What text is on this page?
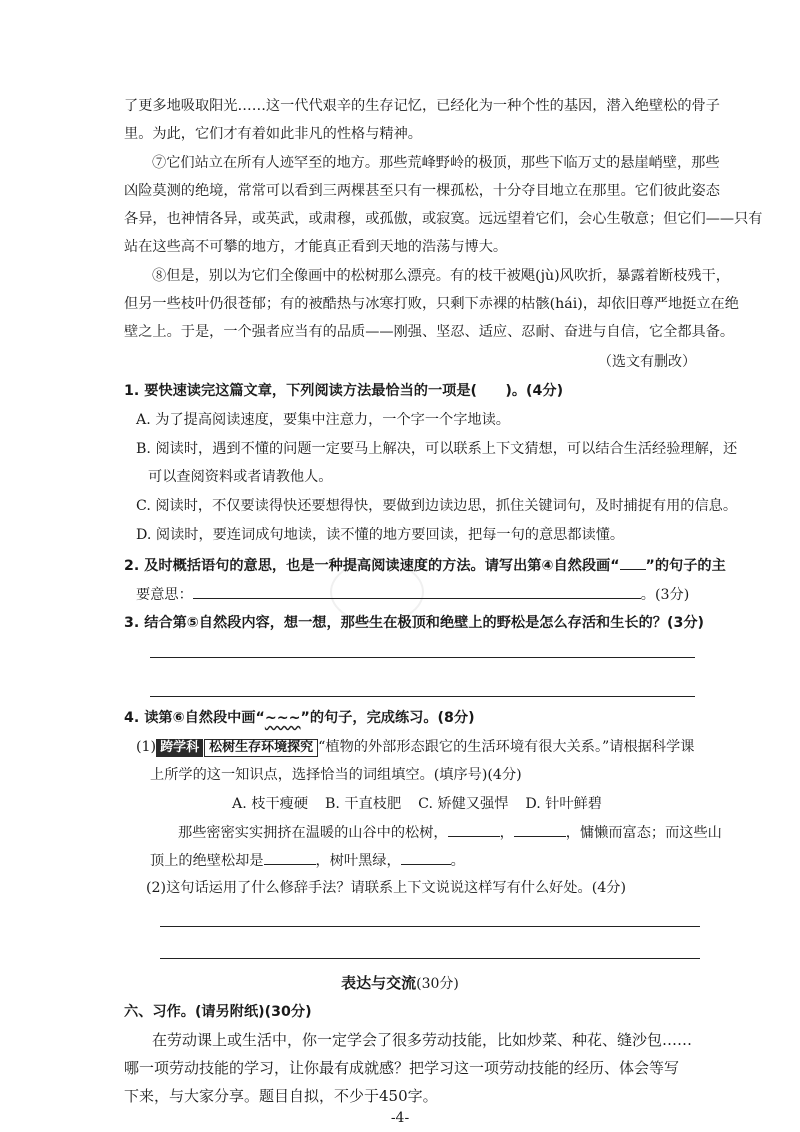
了更多地吸取阳光……这一代代艰辛的生存记忆，已经化为一种个性的基因，潜入绝壁松的骨子
里。为此，它们才有着如此非凡的性格与精神。
⑦它们站立在所有人迹罕至的地方。那些荒峰野岭的极顶，那些下临万丈的悬崖峭壁，那些
凶险莫测的绝境，常常可以看到三两棵甚至只有一棵孤松，十分夺目地立在那里。它们彼此姿态
各异，也神情各异，或英武，或肃穆，或孤傲，或寂寞。远远望着它们，会心生敬意；但它们——只有
站在这些高不可攀的地方，才能真正看到天地的浩荡与博大。
⑧但是，别以为它们全像画中的松树那么漂亮。有的枝干被飓(jù)风吹折，暴露着断枝残干，
但另一些枝叶仍很苍郁；有的被酷热与冰寒打败，只剩下赤裸的枯骸(hái)，却依旧尊严地挺立在绝
壁之上。于是，一个强者应当有的品质——刚强、坚忍、适应、忍耐、奋进与自信，它全都具备。
（选文有删改）
1. 要快速读完这篇文章，下列阅读方法最恰当的一项是(　　)。(4分)
A. 为了提高阅读速度，要集中注意力，一个字一个字地读。
B. 阅读时，遇到不懂的问题一定要马上解决，可以联系上下文猜想，可以结合生活经验理解，还
可以查阅资料或者请教他人。
C. 阅读时，不仅要读得快还要想得快，要做到边读边思，抓住关键词句，及时捕捉有用的信息。
D. 阅读时，要连词成句地读，读不懂的地方要回读，把每一句的意思都读懂。
2. 及时概括语句的意思，也是一种提高阅读速度的方法。请写出第④自然段画“ ”的句子的主
要意思：	。(3分)
3. 结合第⑤自然段内容，想一想，那些生在极顶和绝壁上的野松是怎么存活和生长的？(3分)
4. 读第⑥自然段中画“~~~”的句子，完成练习。(8分)
(1) 跨学科 松树生存环境探究 “植物的外部形态跟它的生活环境有很大关系。”请根据科学课
上所学的这一知识点，选择恰当的词组填空。(填序号)(4分)
A. 枝干瘦硬 B. 干直枝肥 C. 矫健又强悍 D. 针叶鲜碧
那些密密实实拥挤在温暖的山谷中的松树，	，	，慵懒而富态；而这些山
顶上的绝壁松却是	，树叶黑绿，	。
(2)这句话运用了什么修辞手法？请联系上下文说说这样写有什么好处。(4分)
表达与交流(30分)
六、习作。(请另附纸)(30分)
在劳动课上或生活中，你一定学会了很多劳动技能，比如炒菜、种花、缝沙包……
哪一项劳动技能的学习，让你最有成就感？把学习这一项劳动技能的经历、体会等写
下来，与大家分享。题目自拟，不少于450字。
-4-
